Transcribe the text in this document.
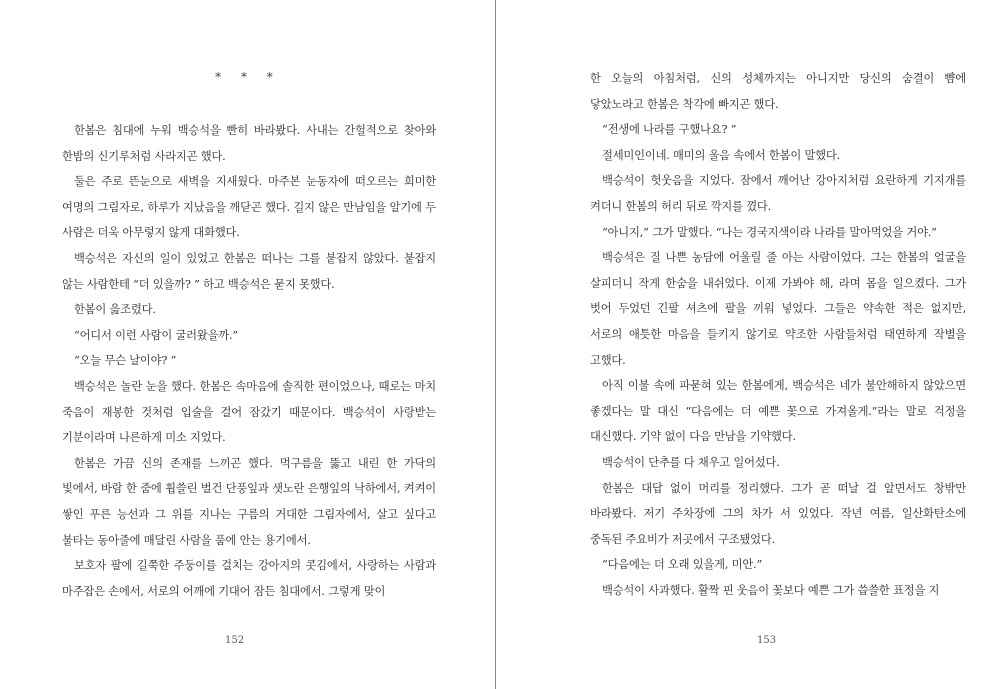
* * *

한봄은 침대에 누워 백승석을 빤히 바라봤다. 사내는 간헐적으로 찾아와 한밤의 신기루처럼 사라지곤 했다.

둘은 주로 뜬눈으로 새벽을 지새웠다. 마주본 눈동자에 떠오르는 희미한 여명의 그림자로, 하루가 지났음을 깨닫곤 했다. 길지 않은 만남임을 알기에 두 사람은 더욱 아무렇지 않게 대화했다.

백승석은 자신의 일이 있었고 한봄은 떠나는 그를 붙잡지 않았다. 붙잡지 않는 사람한테 “더 있을까? ” 하고 백승석은 묻지 못했다.

한봄이 읊조렸다.

“어디서 이런 사람이 굴러왔을까.”

“오늘 무슨 날이야? ”

백승석은 놀란 눈을 했다. 한봄은 속마음에 솔직한 편이었으나, 때로는 마치 죽음이 재봉한 것처럼 입술을 걸어 잠갔기 때문이다. 백승석이 사랑받는 기분이라며 나른하게 미소 지었다.

한봄은 가끔 신의 존재를 느끼곤 했다. 먹구름을 뚫고 내린 한 가닥의 빛에서, 바람 한 줌에 휩쓸린 벌건 단풍잎과 샛노란 은행잎의 낙하에서, 켜켜이 쌓인 푸른 능선과 그 위를 지나는 구름의 거대한 그림자에서, 살고 싶다고 불타는 동아줄에 매달린 사람을 품에 안는 용기에서.

보호자 팔에 길쭉한 주둥이를 걸치는 강아지의 콧김에서, 사랑하는 사람과 마주잡은 손에서, 서로의 어깨에 기대어 잠든 침대에서. 그렇게 맞이

152

한 오늘의 아침처럼, 신의 성체까지는 아니지만 당신의 숨결이 뺨에 닿았노라고 한봄은 착각에 빠지곤 했다.

“전생에 나라를 구했나요? ”

절세미인이네. 매미의 울음 속에서 한봄이 말했다.

백승석이 헛웃음을 지었다. 잠에서 깨어난 강아지처럼 요란하게 기지개를 켜더니 한봄의 허리 뒤로 깍지를 꼈다.

“아니지,” 그가 말했다. “나는 경국지색이라 나라를 말아먹었을 거야.”

백승석은 질 나쁜 농담에 어울릴 줄 아는 사람이었다. 그는 한봄의 얼굴을 살피더니 작게 한숨을 내쉬었다. 이제 가봐야 해, 라며 몸을 일으켰다. 그가 벗어 두었던 긴팔 셔츠에 팔을 끼워 넣었다. 그들은 약속한 적은 없지만, 서로의 애틋한 마음을 들키지 않기로 약조한 사람들처럼 태연하게 작별을 고했다.

아직 이불 속에 파묻혀 있는 한봄에게, 백승석은 네가 불안해하지 않았으면 좋겠다는 말 대신 “다음에는 더 예쁜 꽃으로 가져올게.”라는 말로 걱정을 대신했다. 기약 없이 다음 만남을 기약했다.

백승석이 단추를 다 채우고 일어섰다.

한봄은 대답 없이 머리를 정리했다. 그가 곧 떠날 걸 알면서도 창밖만 바라봤다. 저기 주차장에 그의 차가 서 있었다. 작년 여름, 일산화탄소에 중독된 주요비가 저곳에서 구조됐었다.

“다음에는 더 오래 있을게, 미안.”

백승석이 사과했다. 활짝 핀 웃음이 꽃보다 예쁜 그가 씁쓸한 표정을 지

153
